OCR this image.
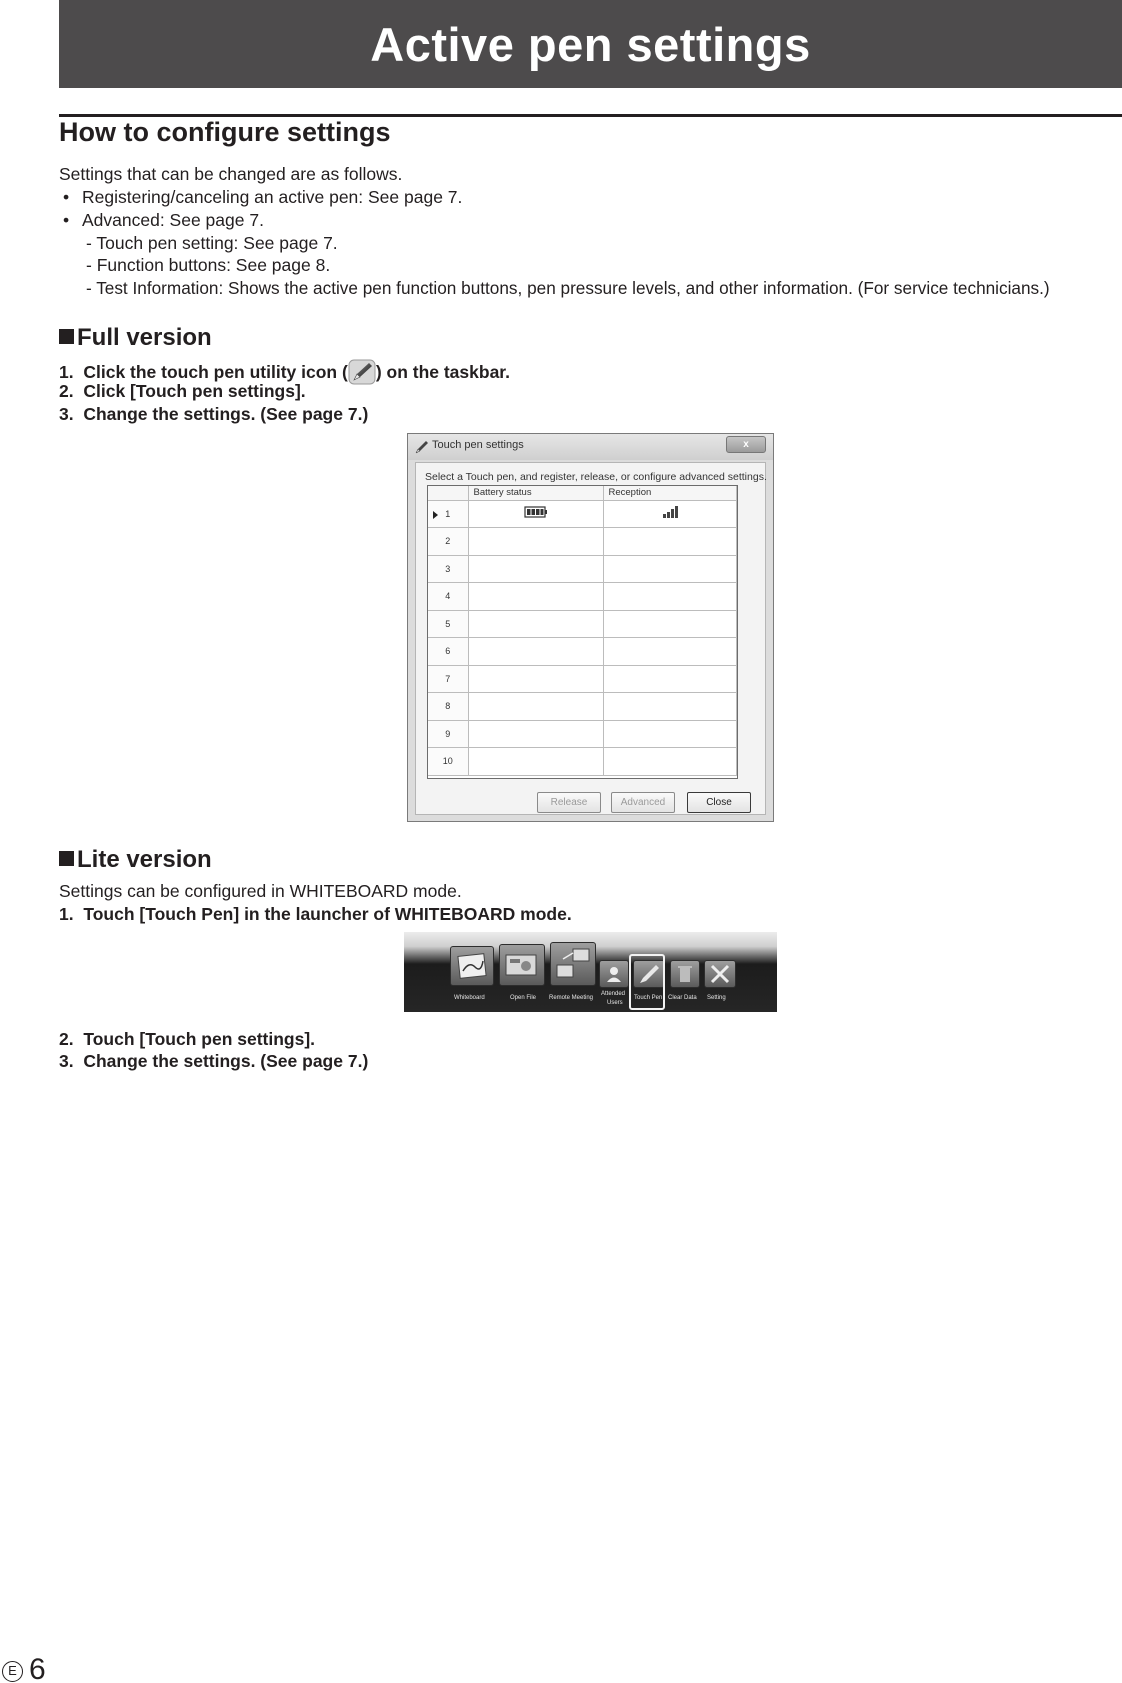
Active pen settings
How to configure settings
Settings that can be changed are as follows.
• Registering/canceling an active pen: See page 7.
• Advanced: See page 7.
- Touch pen setting: See page 7.
- Function buttons: See page 8.
- Test Information: Shows the active pen function buttons, pen pressure levels, and other information. (For service technicians.)
Full version
1. Click the touch pen utility icon ( ) on the taskbar.
2. Click [Touch pen settings].
3. Change the settings. (See page 7.)
Touch pen settings	x
Select a Touch pen, and register, release, or configure advanced settings.
	Battery status	Reception

1		
2		
3		
4		
5		
6		
7		
8		
9		
10		
Release	Advanced	Close
Lite version
Settings can be configured in WHITEBOARD mode.
1. Touch [Touch Pen] in the launcher of WHITEBOARD mode.
Whiteboard	Open File Remote Meeting
Attended
Users
Touch Pen Clear Data Setting
2. Touch [Touch pen settings].
3. Change the settings. (See page 7.)
E 6
